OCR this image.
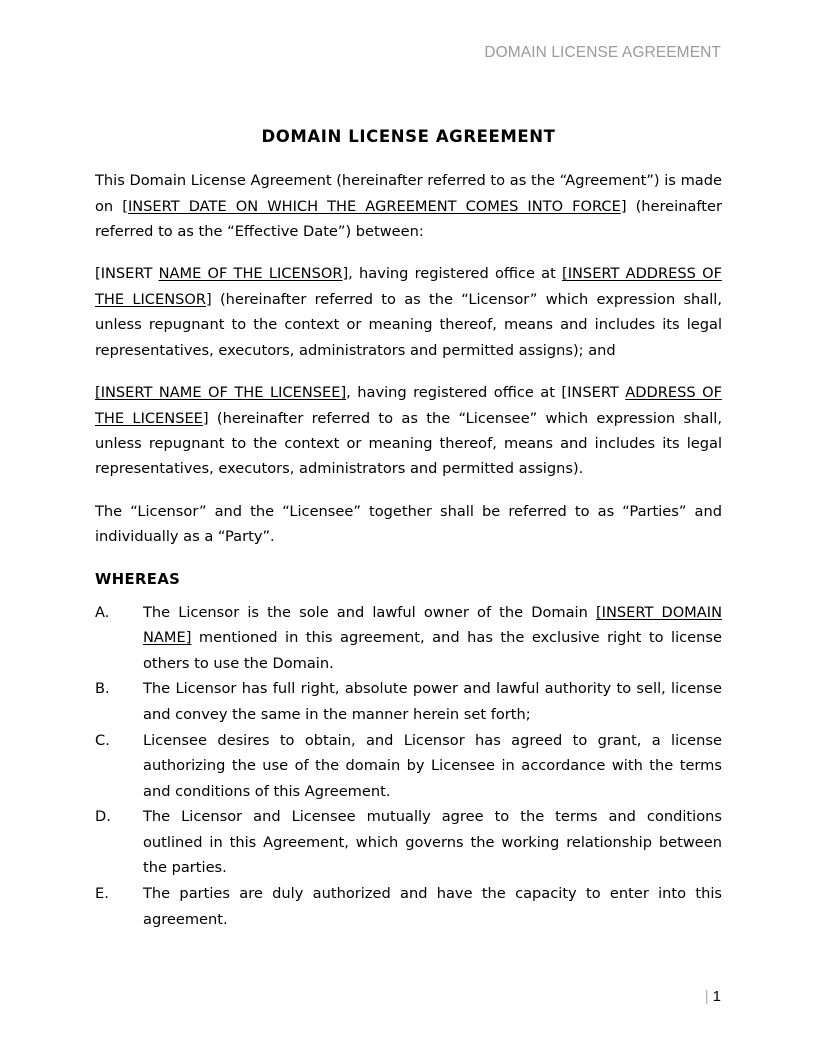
DOMAIN LICENSE AGREEMENT
DOMAIN LICENSE AGREEMENT

This Domain License Agreement (hereinafter referred to as the “Agreement”) is made on [INSERT DATE ON WHICH THE AGREEMENT COMES INTO FORCE] (hereinafter referred to as the “Effective Date”) between:

[INSERT NAME OF THE LICENSOR], having registered office at [INSERT ADDRESS OF THE LICENSOR] (hereinafter referred to as the “Licensor” which expression shall, unless repugnant to the context or meaning thereof, means and includes its legal representatives, executors, administrators and permitted assigns); and

[INSERT NAME OF THE LICENSEE], having registered office at [INSERT ADDRESS OF THE LICENSEE] (hereinafter referred to as the “Licensee” which expression shall, unless repugnant to the context or meaning thereof, means and includes its legal representatives, executors, administrators and permitted assigns).

The “Licensor” and the “Licensee” together shall be referred to as “Parties” and individually as a “Party”.

WHEREAS

A.	The Licensor is the sole and lawful owner of the Domain [INSERT DOMAIN NAME] mentioned in this agreement, and has the exclusive right to license others to use the Domain.
B.	The Licensor has full right, absolute power and lawful authority to sell, license and convey the same in the manner herein set forth;
C.	Licensee desires to obtain, and Licensor has agreed to grant, a license authorizing the use of the domain by Licensee in accordance with the terms and conditions of this Agreement.
D.	The Licensor and Licensee mutually agree to the terms and conditions outlined in this Agreement, which governs the working relationship between the parties.
E.	The parties are duly authorized and have the capacity to enter into this agreement.
| 1
